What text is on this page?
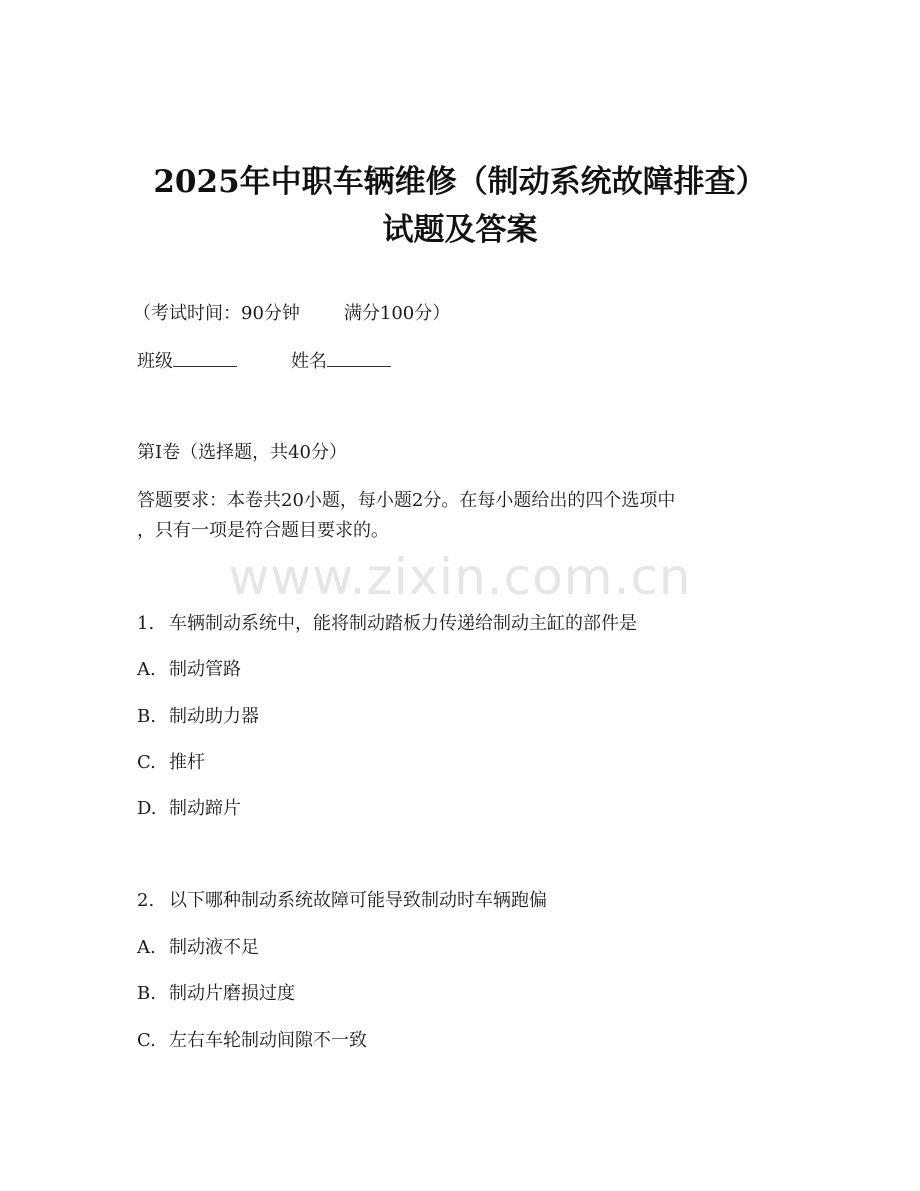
2025年中职车辆维修（制动系统故障排查）
试题及答案
（考试时间：90分钟 满分100分）
班级	姓名
第I卷（选择题，共40分）
答题要求：本卷共20小题，每小题2分。在每小题给出的四个选项中
，只有一项是符合题目要求的。
www.zixin.com.cn
1. 车辆制动系统中，能将制动踏板力传递给制动主缸的部件是
A. 制动管路
B. 制动助力器
C. 推杆
D. 制动蹄片
2. 以下哪种制动系统故障可能导致制动时车辆跑偏
A. 制动液不足
B. 制动片磨损过度
C. 左右车轮制动间隙不一致
